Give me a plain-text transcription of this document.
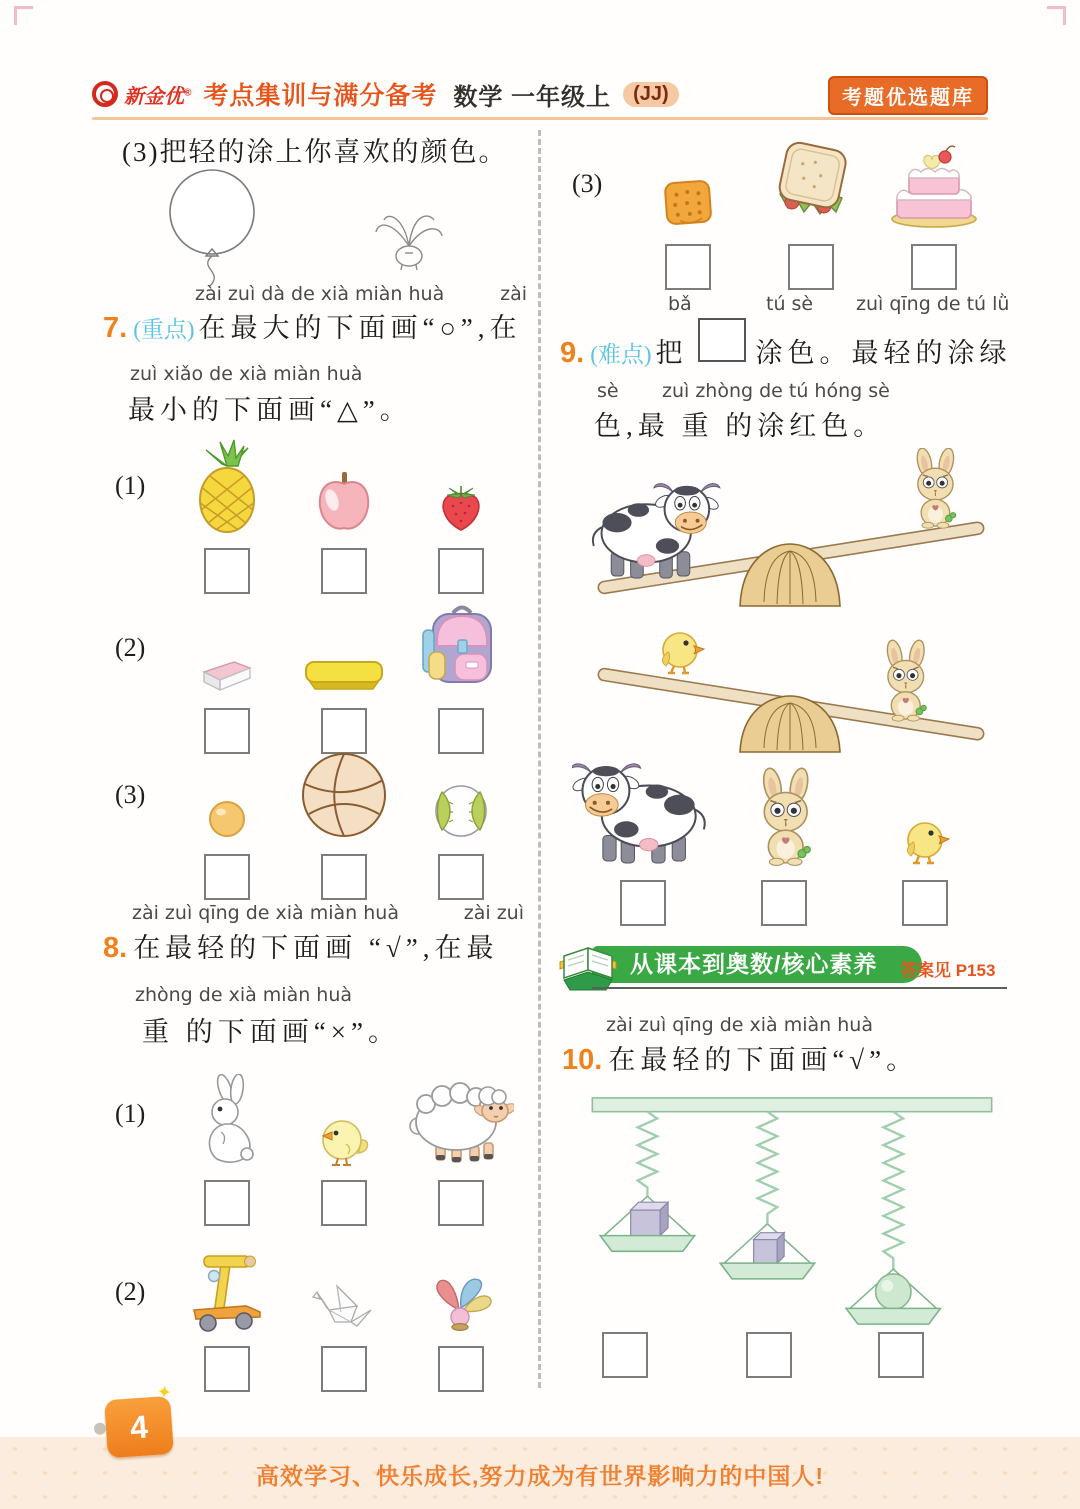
新金优® 考点集训与满分备考 数学 一年级上	(JJ)	考题优选题库
(3)把轻的涂上你喜欢的颜色。
zài zuì dà de xià miàn huà	zài
7. (重点) 在最大的下面画“○”,在
zuì xiǎo de xià miàn huà
最小的下面画“△”。
(1)
(2)
(3)
zài zuì qīng de xià miàn huà	zài zuì
8. 在最轻的下面画 “√”,在最
zhòng de xià miàn huà
重 的下面画“×”。
(1)
(2)
(3)
bǎ	tú sè zuì qīng de tú lǜ
9. (难点) 把	涂色。最轻的涂绿
sè zuì zhòng de tú hóng sè
色,最 重 的涂红色。
从课本到奥数/核心素养	答案见 P153
zài zuì qīng de xià miàn huà
10. 在最轻的下面画“√”。
✦
4
高效学习、快乐成长,努力成为有世界影响力的中国人!
